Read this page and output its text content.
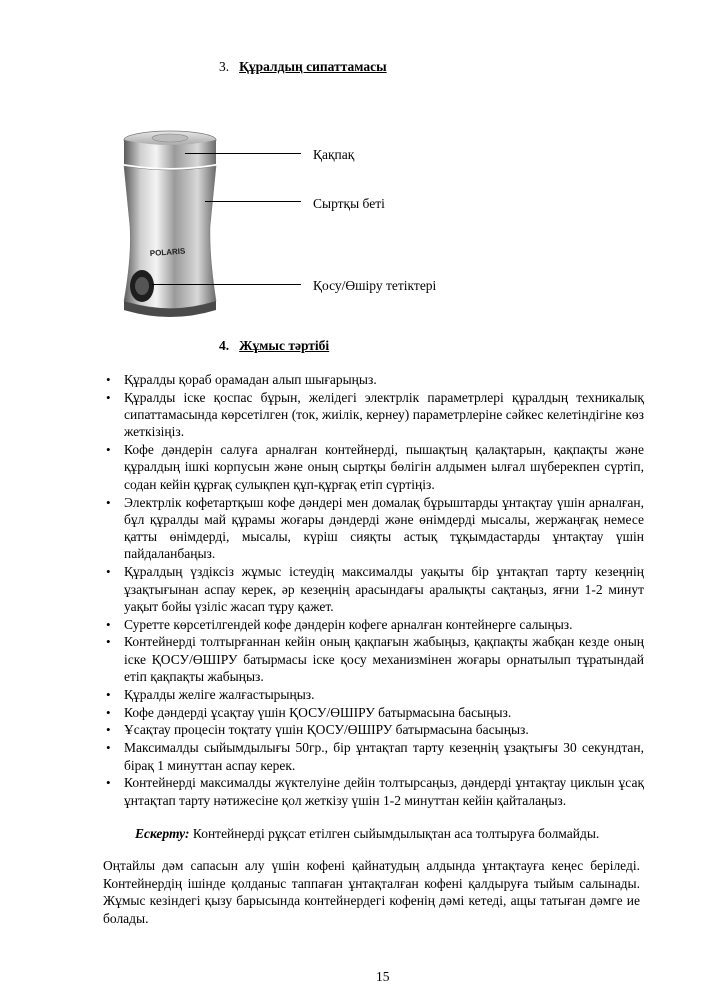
3. Құралдың сипаттамасы
POLARIS
Қақпақ
Сыртқы беті
Қосу/Өшіру тетіктері
4. Жұмыс тәртібі
• Құралды қораб орамадан алып шығарыңыз.
• Құралды іске қоспас бұрын, желідегі электрлік параметрлері құралдың техникалық сипаттамасында көрсетілген (ток, жиілік, кернеу) параметрлеріне сәйкес келетіндігіне көз жеткізіңіз.
• Кофе дәндерін салуға арналған контейнерді, пышақтың қалақтарын, қақпақты және құралдың ішкі корпусын және оның сыртқы бөлігін алдымен ылғал шүберекпен сүртіп, содан кейін құрғақ сулықпен құп-құрғақ етіп сүртіңіз.
• Электрлік кофетартқыш кофе дәндері мен домалақ бұрыштарды ұнтақтау үшін арналған, бұл құралды май құрамы жоғары дәндерді және өнімдерді мысалы, жержаңғақ немесе қатты өнімдерді, мысалы, күріш сияқты астық тұқымдастарды ұнтақтау үшін пайдаланбаңыз.
• Құралдың үздіксіз жұмыс істеудің максималды уақыты бір ұнтақтап тарту кезеңнің ұзақтығынан аспау керек, әр кезеңнің арасындағы аралықты сақтаңыз, яғни 1-2 минут уақыт бойы үзіліс жасап тұру қажет.
• Суретте көрсетілгендей кофе дәндерін кофеге арналған контейнерге салыңыз.
• Контейнерді толтырғаннан кейін оның қақпағын жабыңыз, қақпақты жабқан кезде оның іске ҚОСУ/ӨШІРУ батырмасы іске қосу механизмінен жоғары орнатылып тұратындай етіп қақпақты жабыңыз.
• Құралды желіге жалғастырыңыз.
• Кофе дәндерді ұсақтау үшін ҚОСУ/ӨШІРУ батырмасына басыңыз.
• Ұсақтау процесін тоқтату үшін ҚОСУ/ӨШІРУ батырмасына басыңыз.
• Максималды сыйымдылығы 50гр., бір ұнтақтап тарту кезеңнің ұзақтығы 30 секундтан, бірақ 1 минуттан аспау керек.
• Контейнерді максималды жүктелуіне дейін толтырсаңыз, дәндерді ұнтақтау циклын ұсақ ұнтақтап тарту нәтижесіне қол жеткізу үшін 1-2 минуттан кейін қайталаңыз.
Ескерту: Контейнерді рұқсат етілген сыйымдылықтан аса толтыруға болмайды.
Оңтайлы дәм сапасын алу үшін кофені қайнатудың алдында ұнтақтауға кеңес беріледі. Контейнердің ішінде қолданыс таппаған ұнтақталған кофені қалдыруға тыйым салынады. Жұмыс кезіндегі қызу барысында контейнердегі кофенің дәмі кетеді, ащы татыған дәмге ие болады.
15
